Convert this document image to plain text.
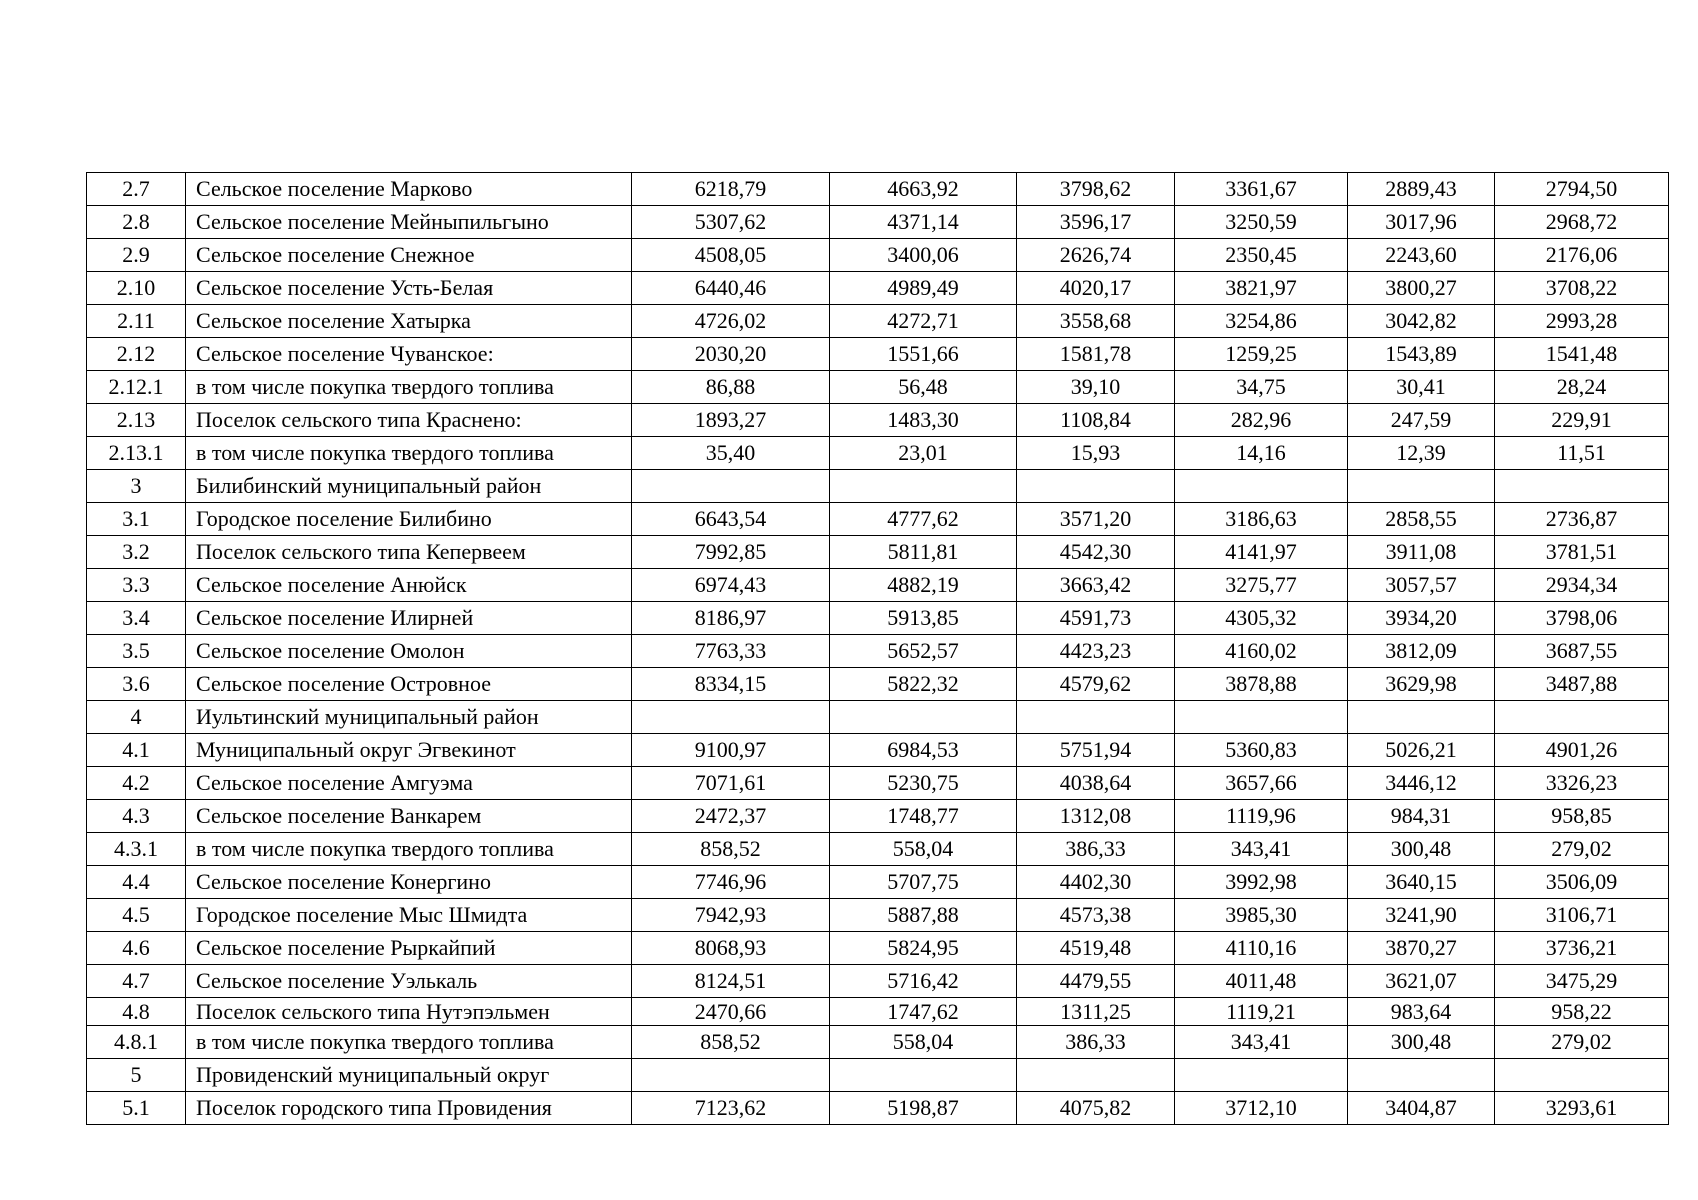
2.7	Сельское поселение Марково	6218,79	4663,92	3798,62	3361,67	2889,43	2794,50
2.8	Сельское поселение Мейныпильгыно	5307,62	4371,14	3596,17	3250,59	3017,96	2968,72
2.9	Сельское поселение Снежное	4508,05	3400,06	2626,74	2350,45	2243,60	2176,06
2.10	Сельское поселение Усть-Белая	6440,46	4989,49	4020,17	3821,97	3800,27	3708,22
2.11	Сельское поселение Хатырка	4726,02	4272,71	3558,68	3254,86	3042,82	2993,28
2.12	Сельское поселение Чуванское:	2030,20	1551,66	1581,78	1259,25	1543,89	1541,48
2.12.1	в том числе покупка твердого топлива	86,88	56,48	39,10	34,75	30,41	28,24
2.13	Поселок сельского типа Краснено:	1893,27	1483,30	1108,84	282,96	247,59	229,91
2.13.1	в том числе покупка твердого топлива	35,40	23,01	15,93	14,16	12,39	11,51
3	Билибинский муниципальный район						
3.1	Городское поселение Билибино	6643,54	4777,62	3571,20	3186,63	2858,55	2736,87
3.2	Поселок сельского типа Кепервеем	7992,85	5811,81	4542,30	4141,97	3911,08	3781,51
3.3	Сельское поселение Анюйск	6974,43	4882,19	3663,42	3275,77	3057,57	2934,34
3.4	Сельское поселение Илирней	8186,97	5913,85	4591,73	4305,32	3934,20	3798,06
3.5	Сельское поселение Омолон	7763,33	5652,57	4423,23	4160,02	3812,09	3687,55
3.6	Сельское поселение Островное	8334,15	5822,32	4579,62	3878,88	3629,98	3487,88
4	Иультинский муниципальный район						
4.1	Муниципальный округ Эгвекинот	9100,97	6984,53	5751,94	5360,83	5026,21	4901,26
4.2	Сельское поселение Амгуэма	7071,61	5230,75	4038,64	3657,66	3446,12	3326,23
4.3	Сельское поселение Ванкарем	2472,37	1748,77	1312,08	1119,96	984,31	958,85
4.3.1	в том числе покупка твердого топлива	858,52	558,04	386,33	343,41	300,48	279,02
4.4	Сельское поселение Конергино	7746,96	5707,75	4402,30	3992,98	3640,15	3506,09
4.5	Городское поселение Мыс Шмидта	7942,93	5887,88	4573,38	3985,30	3241,90	3106,71
4.6	Сельское поселение Рыркайпий	8068,93	5824,95	4519,48	4110,16	3870,27	3736,21
4.7	Сельское поселение Уэлькаль	8124,51	5716,42	4479,55	4011,48	3621,07	3475,29
4.8	Поселок сельского типа Нутэпэльмен	2470,66	1747,62	1311,25	1119,21	983,64	958,22
4.8.1	в том числе покупка твердого топлива	858,52	558,04	386,33	343,41	300,48	279,02
5	Провиденский муниципальный округ						
5.1	Поселок городского типа Провидения	7123,62	5198,87	4075,82	3712,10	3404,87	3293,61
